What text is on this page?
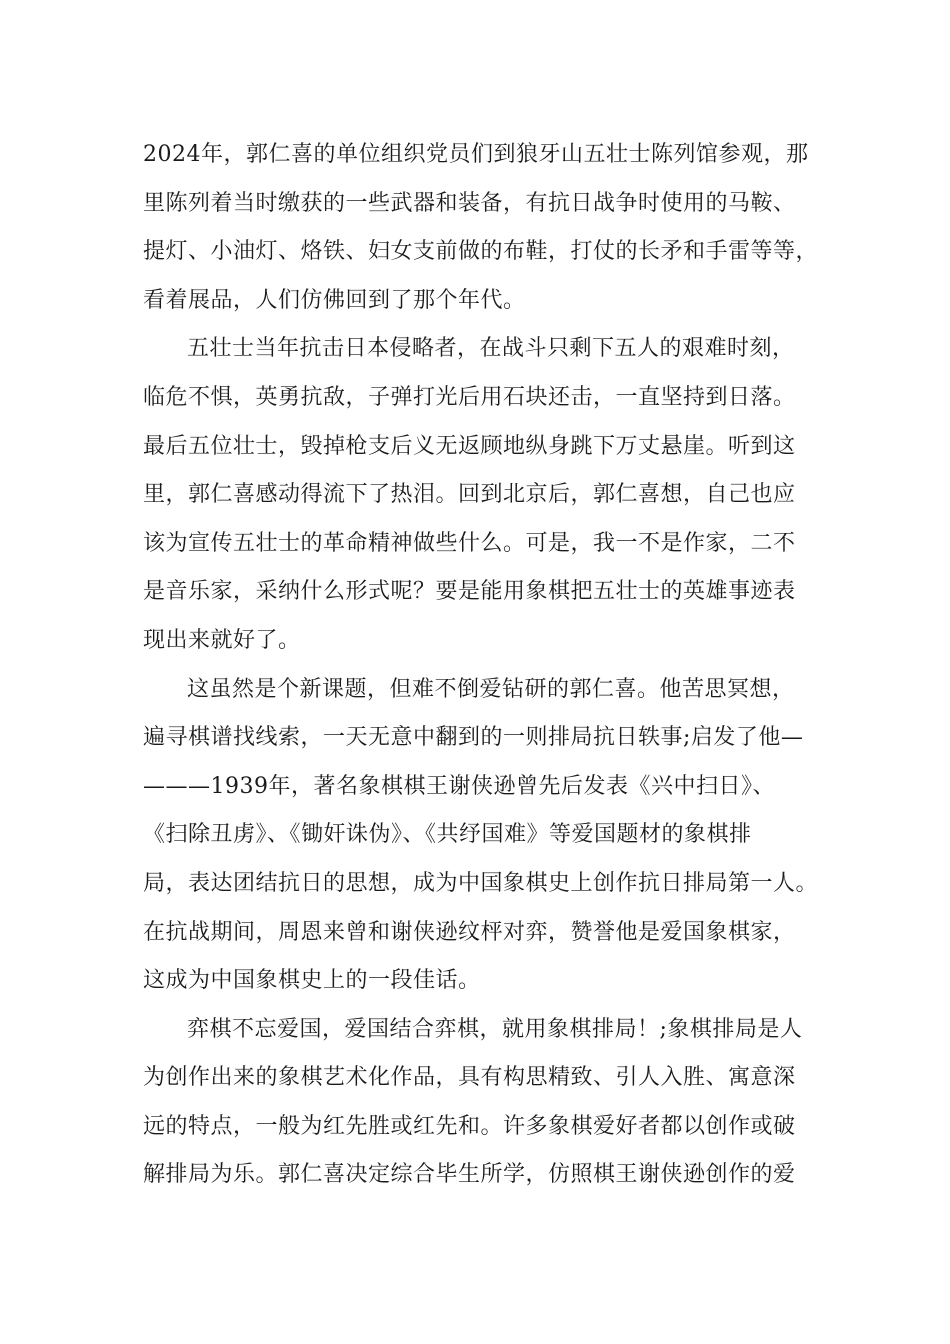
2024年，郭仁喜的单位组织党员们到狼牙山五壮士陈列馆参观，那
里陈列着当时缴获的一些武器和装备，有抗日战争时使用的马鞍、
提灯、小油灯、烙铁、妇女支前做的布鞋，打仗的长矛和手雷等等，
看着展品，人们仿佛回到了那个年代。
五壮士当年抗击日本侵略者，在战斗只剩下五人的艰难时刻，
临危不惧，英勇抗敌，子弹打光后用石块还击，一直坚持到日落。
最后五位壮士，毁掉枪支后义无返顾地纵身跳下万丈悬崖。听到这
里，郭仁喜感动得流下了热泪。回到北京后，郭仁喜想，自己也应
该为宣传五壮士的革命精神做些什么。可是，我一不是作家，二不
是音乐家，采纳什么形式呢？要是能用象棋把五壮士的英雄事迹表
现出来就好了。
这虽然是个新课题，但难不倒爱钻研的郭仁喜。他苦思冥想，
遍寻棋谱找线索，一天无意中翻到的一则排局抗日轶事;启发了他—
———1939年，著名象棋棋王谢侠逊曾先后发表《兴中扫日》、
《扫除丑虏》、《锄奸诛伪》、《共纾国难》等爱国题材的象棋排
局，表达团结抗日的思想，成为中国象棋史上创作抗日排局第一人。
在抗战期间，周恩来曾和谢侠逊纹枰对弈，赞誉他是爱国象棋家，
这成为中国象棋史上的一段佳话。
弈棋不忘爱国，爱国结合弈棋，就用象棋排局！;象棋排局是人
为创作出来的象棋艺术化作品，具有构思精致、引人入胜、寓意深
远的特点，一般为红先胜或红先和。许多象棋爱好者都以创作或破
解排局为乐。郭仁喜决定综合毕生所学，仿照棋王谢侠逊创作的爱
